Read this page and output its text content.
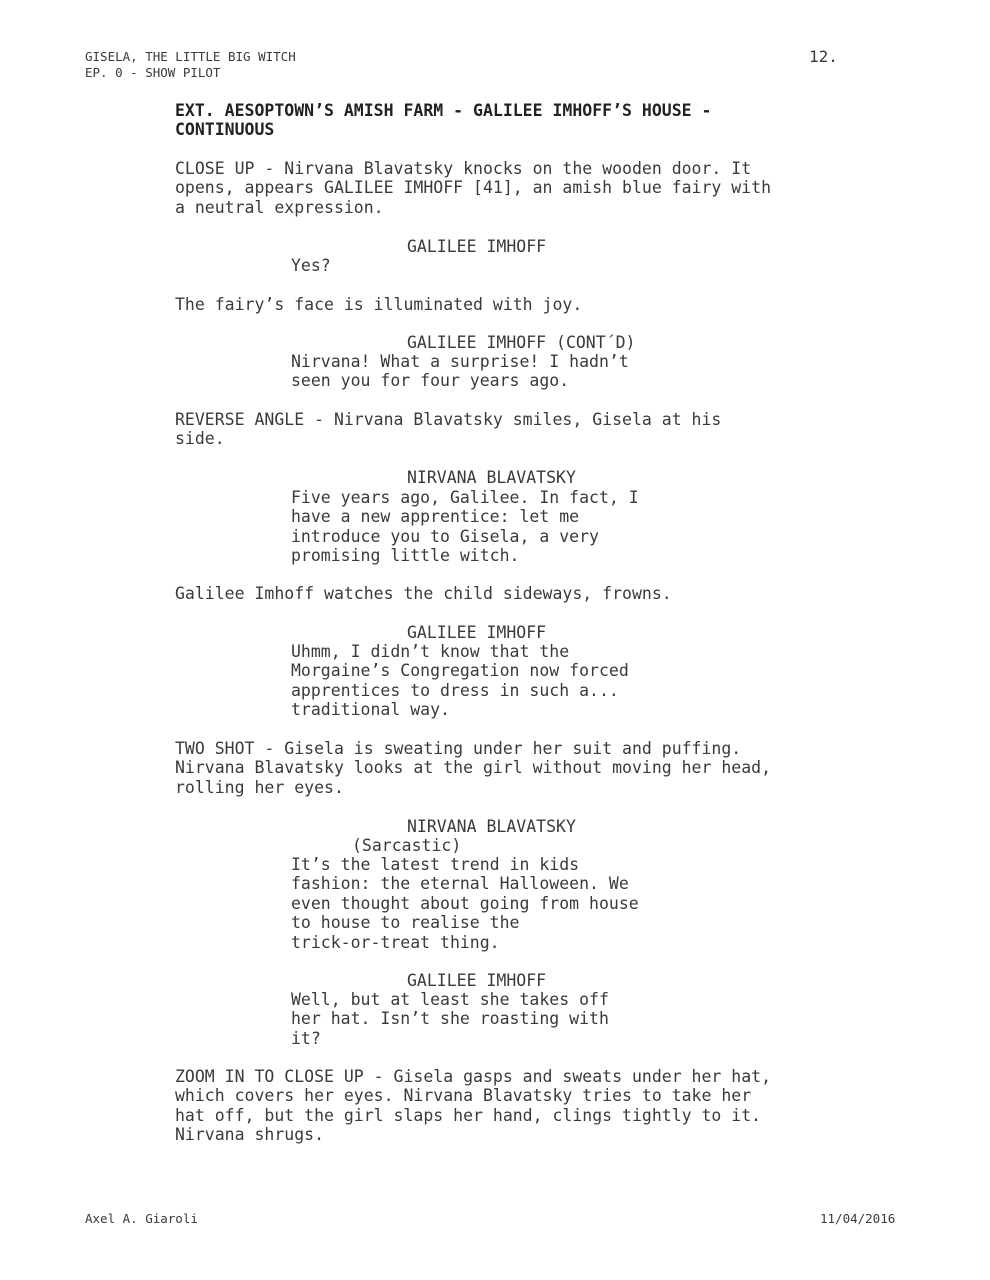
GISELA, THE LITTLE BIG WITCH
EP. 0 - SHOW PILOT
12.
EXT. AESOPTOWN’S AMISH FARM - GALILEE IMHOFF’S HOUSE -
CONTINUOUS
CLOSE UP - Nirvana Blavatsky knocks on the wooden door. It
opens, appears GALILEE IMHOFF [41], an amish blue fairy with
a neutral expression.
GALILEE IMHOFF
Yes?
The fairy’s face is illuminated with joy.
GALILEE IMHOFF (CONT´D)
Nirvana! What a surprise! I hadn’t
seen you for four years ago.
REVERSE ANGLE - Nirvana Blavatsky smiles, Gisela at his
side.
NIRVANA BLAVATSKY
Five years ago, Galilee. In fact, I
have a new apprentice: let me
introduce you to Gisela, a very
promising little witch.
Galilee Imhoff watches the child sideways, frowns.
GALILEE IMHOFF
Uhmm, I didn’t know that the
Morgaine’s Congregation now forced
apprentices to dress in such a...
traditional way.
TWO SHOT - Gisela is sweating under her suit and puffing.
Nirvana Blavatsky looks at the girl without moving her head,
rolling her eyes.
NIRVANA BLAVATSKY
(Sarcastic)
It’s the latest trend in kids
fashion: the eternal Halloween. We
even thought about going from house
to house to realise the
trick-or-treat thing.
GALILEE IMHOFF
Well, but at least she takes off
her hat. Isn’t she roasting with
it?
ZOOM IN TO CLOSE UP - Gisela gasps and sweats under her hat,
which covers her eyes. Nirvana Blavatsky tries to take her
hat off, but the girl slaps her hand, clings tightly to it.
Nirvana shrugs.
Axel A. Giaroli	11/04/2016
